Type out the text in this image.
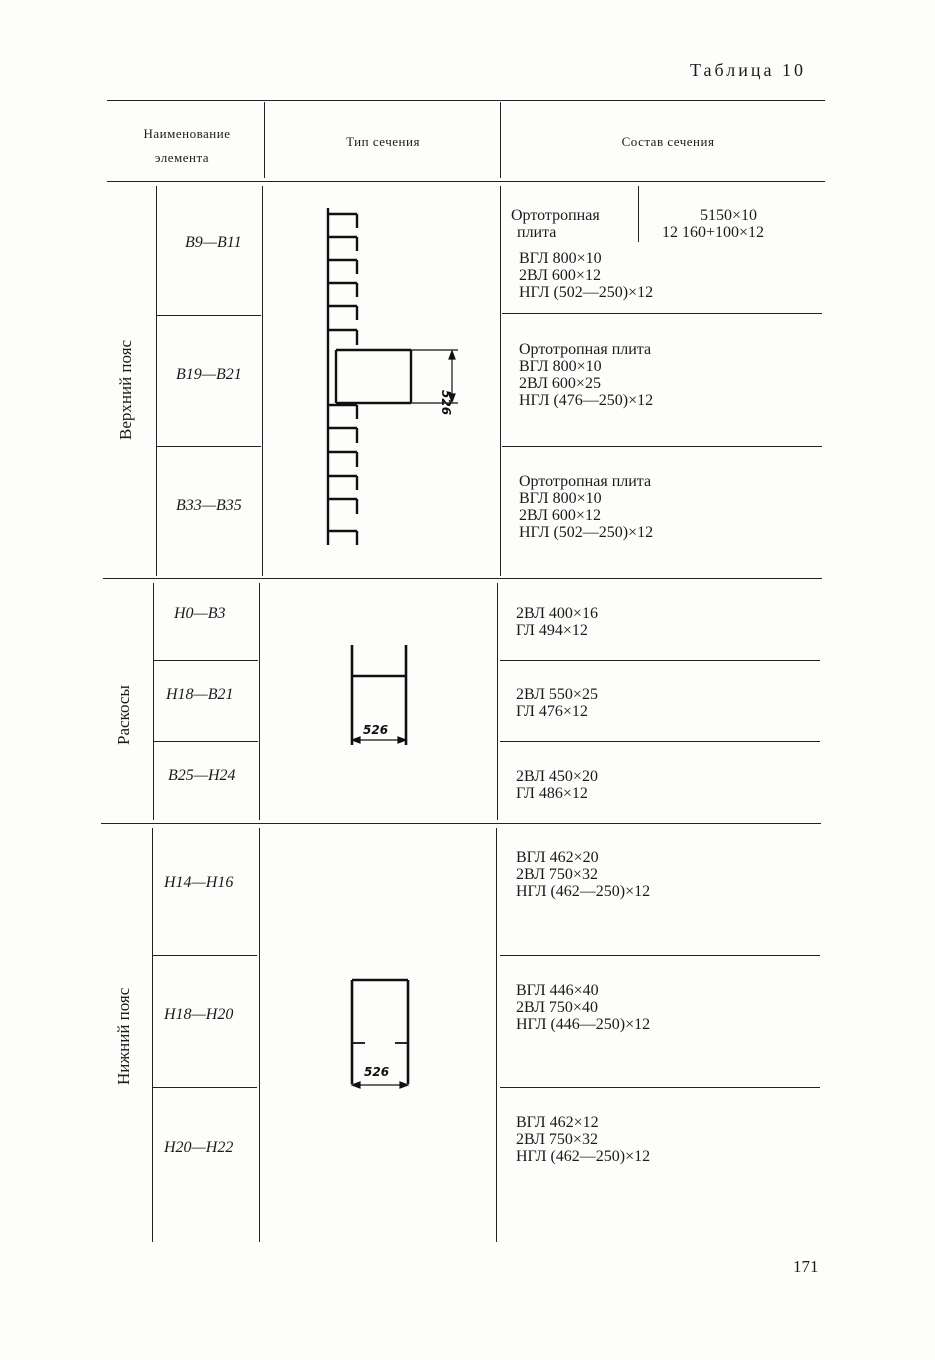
Таблица 10
Наименование
элемента
Тип сечения	Состав сечения
Верхний пояс
Раскосы
Нижний пояс
В9—В11
В19—В21
В33—В35
Н0—В3
Н18—В21
В25—Н24
Н14—Н16
Н18—Н20
Н20—Н22
526
526
526
Ортотропная
плита
5150×10
12 160+100×12
ВГЛ 800×10
2ВЛ 600×12
НГЛ (502—250)×12
Ортотропная плита
ВГЛ 800×10
2ВЛ 600×25
НГЛ (476—250)×12
Ортотропная плита
ВГЛ 800×10
2ВЛ 600×12
НГЛ (502—250)×12
2ВЛ 400×16
ГЛ 494×12
2ВЛ 550×25
ГЛ 476×12
2ВЛ 450×20
ГЛ 486×12
ВГЛ 462×20
2ВЛ 750×32
НГЛ (462—250)×12
ВГЛ 446×40
2ВЛ 750×40
НГЛ (446—250)×12
ВГЛ 462×12
2ВЛ 750×32
НГЛ (462—250)×12
171
